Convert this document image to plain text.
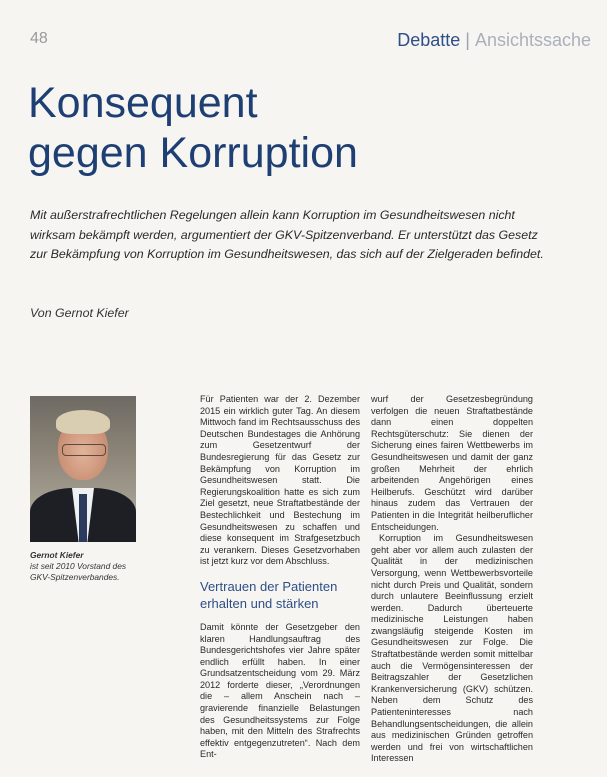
48	Debatte | Ansichtssache
Konsequent
gegen Korruption

Mit außerstrafrechtlichen Regelungen allein kann Korruption im Gesundheitswesen nicht wirksam bekämpft werden, argumentiert der GKV-Spitzenverband. Er unterstützt das Gesetz zur Bekämpfung von Korruption im Gesundheitswesen, das sich auf der Zielgeraden befindet.

Von Gernot Kiefer
Gernot Kiefer
ist seit 2010 Vorstand des GKV-Spitzenverbandes.

Für Patienten war der 2. Dezember 2015 ein wirklich guter Tag. An diesem Mittwoch fand im Rechtsausschuss des Deutschen Bundestages die Anhörung zum Gesetzentwurf der Bundesregierung für das Gesetz zur Bekämpfung von Korruption im Gesundheitswesen statt. Die Regierungskoalition hatte es sich zum Ziel gesetzt, neue Straftatbestände der Bestechlichkeit und Bestechung im Gesundheitswesen zu schaffen und diese konsequent im Strafgesetzbuch zu verankern. Dieses Gesetzvorhaben ist jetzt kurz vor dem Abschluss.

Vertrauen der Patienten erhalten und stärken

Damit könnte der Gesetzgeber den klaren Handlungsauftrag des Bundesgerichtshofes vier Jahre später endlich erfüllt haben. In einer Grundsatzentscheidung vom 29. März 2012 forderte dieser, „Verordnungen die – allem Anschein nach – gravierende finanzielle Belastungen des Gesundheitssystems zur Folge haben, mit den Mitteln des Strafrechts effektiv entgegenzutreten“. Nach dem Ent-

wurf der Gesetzesbegründung verfolgen die neuen Straftatbestände dann einen doppelten Rechtsgüterschutz: Sie dienen der Sicherung eines fairen Wettbewerbs im Gesundheitswesen und damit der ganz großen Mehrheit der ehrlich arbeitenden Angehörigen eines Heilberufs. Geschützt wird darüber hinaus zudem das Vertrauen der Patienten in die Integrität heilberuflicher Entscheidungen.

Korruption im Gesundheitswesen geht aber vor allem auch zulasten der Qualität in der medizinischen Versorgung, wenn Wettbewerbsvorteile nicht durch Preis und Qualität, sondern durch unlautere Beeinflussung erzielt werden. Dadurch überteuerte medizinische Leistungen haben zwangsläufig steigende Kosten im Gesundheitswesen zur Folge. Die Straftatbestände werden somit mittelbar auch die Vermögensinteressen der Beitragszahler der Gesetzlichen Krankenversicherung (GKV) schützen. Neben dem Schutz des Patienteninteresses nach Behandlungsentscheidungen, die allein aus medizinischen Gründen getroffen werden und frei von wirtschaftlichen Interessen
